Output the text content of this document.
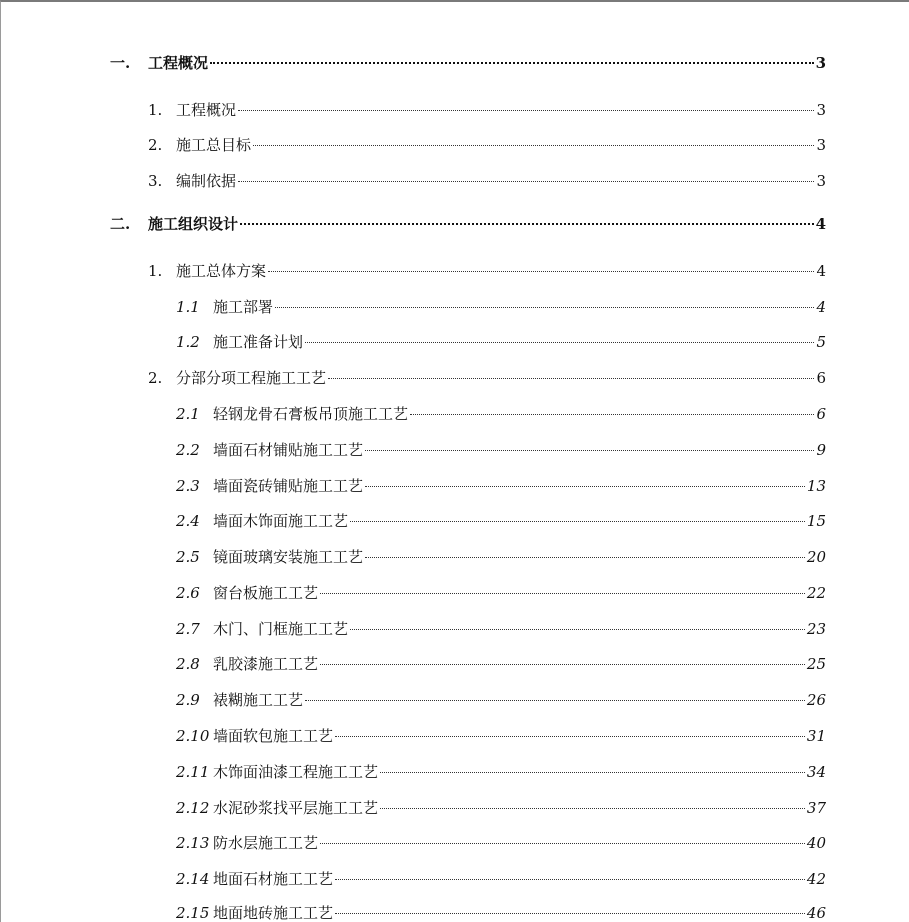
一.	工程概况	3
1. 工程概况	3
2. 施工总目标	3
3. 编制依据	3
二.	施工组织设计	4
1. 施工总体方案	4
1.1 施工部署	4
1.2 施工准备计划	5
2. 分部分项工程施工工艺	6
2.1 轻钢龙骨石膏板吊顶施工工艺	6
2.2 墙面石材铺贴施工工艺	9
2.3 墙面瓷砖铺贴施工工艺	13
2.4 墙面木饰面施工工艺	15
2.5 镜面玻璃安装施工工艺	20
2.6 窗台板施工工艺	22
2.7 木门、门框施工工艺	23
2.8 乳胶漆施工工艺	25
2.9 裱糊施工工艺	26
2.10 墙面软包施工工艺	31
2.11 木饰面油漆工程施工工艺	34
2.12 水泥砂浆找平层施工工艺	37
2.13 防水层施工工艺	40
2.14 地面石材施工工艺	42
2.15 地面地砖施工工艺	46
